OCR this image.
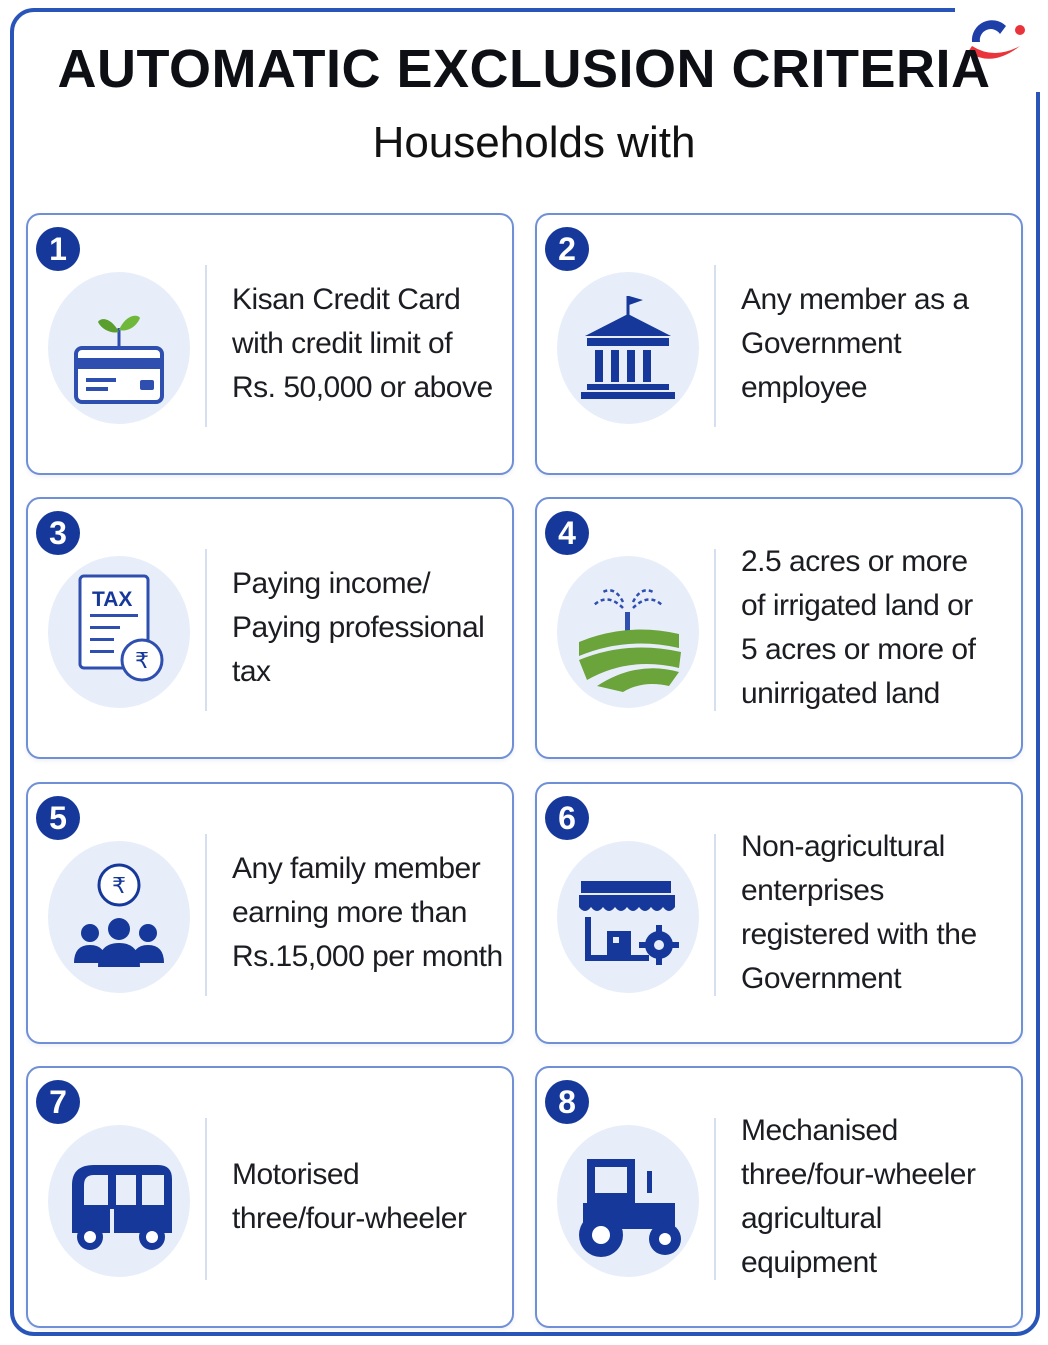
AUTOMATIC EXCLUSION CRITERIA
Households with
1
Kisan Credit Card
with credit limit of
Rs. 50,000 or above
2
Any member as a
Government employee
3
TAX
₹
Paying income/
Paying professional tax
4
2.5 acres or more
of irrigated land or
5 acres or more of
unirrigated land
5
₹
Any family member
earning more than
Rs.15,000 per month
6
Non-agricultural
enterprises
registered with the
Government
7
Motorised
three/four-wheeler
8
Mechanised
three/four-wheeler
agricultural
equipment
